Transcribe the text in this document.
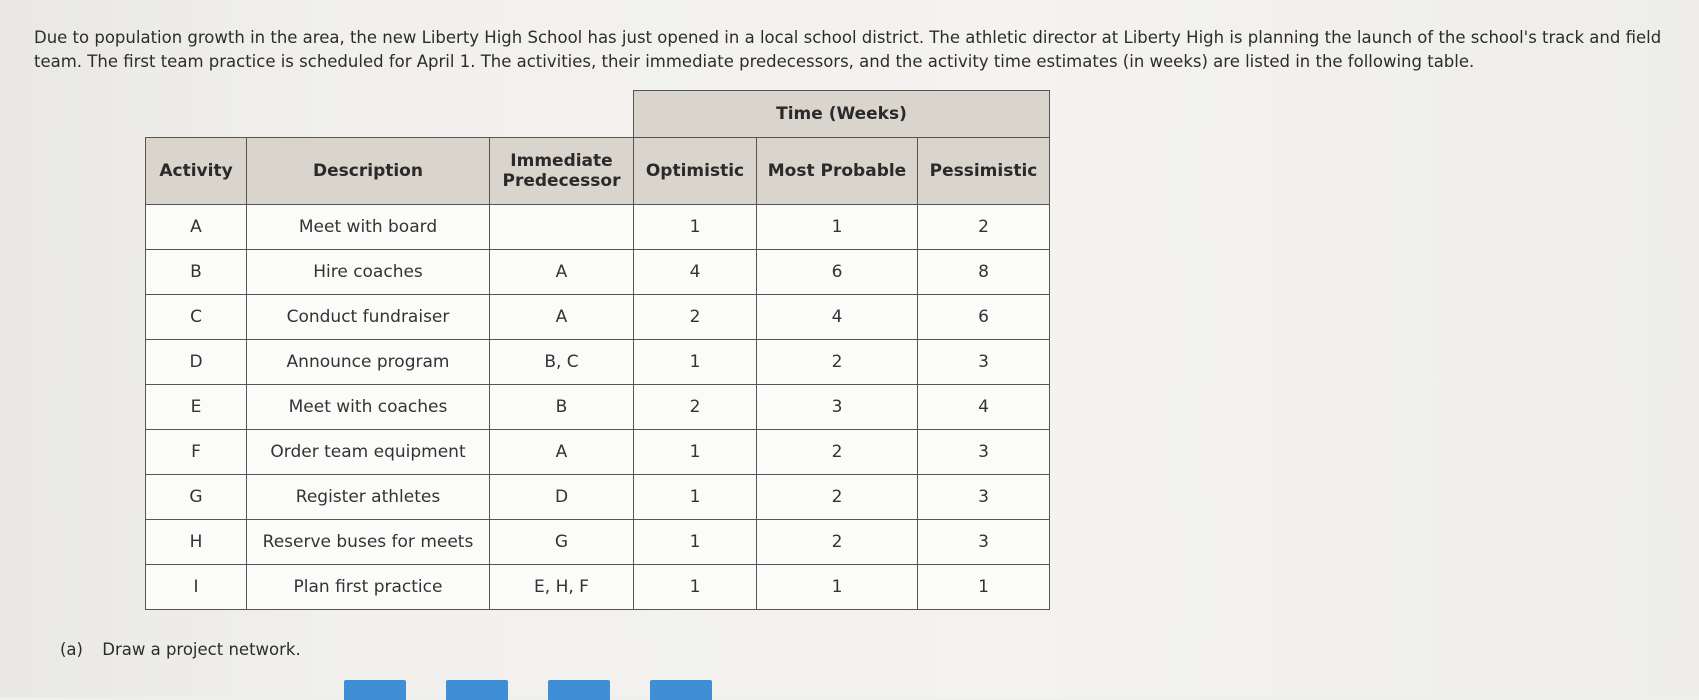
Due to population growth in the area, the new Liberty High School has just opened in a local school district. The athletic director at Liberty High is planning the launch of the school's track and field team. The first team practice is scheduled for April 1. The activities, their immediate predecessors, and the activity time estimates (in weeks) are listed in the following table.
			Time (Weeks)		
Activity	Description	Immediate Predecessor	Optimistic	Most Probable	Pessimistic
A	Meet with board		1	1	2
B	Hire coaches	A	4	6	8
C	Conduct fundraiser	A	2	4	6
D	Announce program	B, C	1	2	3
E	Meet with coaches	B	2	3	4
F	Order team equipment	A	1	2	3
G	Register athletes	D	1	2	3
H	Reserve buses for meets	G	1	2	3
I	Plan first practice	E, H, F	1	1	1
(a) Draw a project network.
